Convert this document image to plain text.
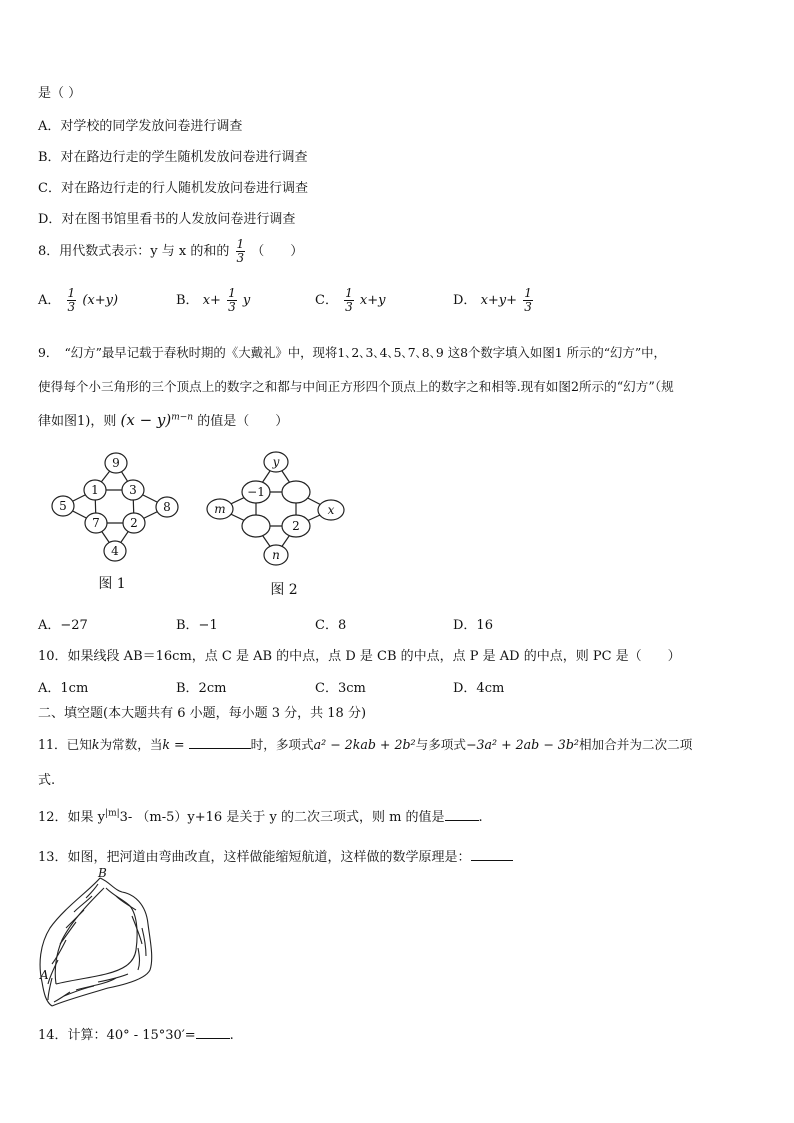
是（ ）
A．对学校的同学发放问卷进行调查
B．对在路边行走的学生随机发放问卷进行调查
C．对在路边行走的行人随机发放问卷进行调查
D．对在图书馆里看书的人发放问卷进行调查
8．用代数式表示：y 与 x 的和的 $\frac{1}{3}$ （　　）
A． $\frac{1}{3} (x+y)$	B． $x+ \frac{1}{3}$ y	C． $\frac{1}{3} x+y$	D． $x+y+ \frac{1}{3}$
9．　“幻方”最早记载于春秋时期的《大戴礼》中，现将1､2､3､4､5､7､8､9 这8个数字填入如图1 所示的“幻方”中，
使得每个小三角形的三个顶点上的数字之和都与中间正方形四个顶点上的数字之和相等.现有如图2所示的“幻方”（规
律如图1)，则 $(x - y)^{m-n}$ 的值是（　　）
9
1	3
5	8
7	2
4
图 1
y
−1
m	x
2
n
图 2
A．−27	B．−1	C．8	D．16
10．如果线段 AB＝16cm，点 C 是 AB 的中点，点 D 是 CB 的中点，点 P 是 AD 的中点，则 PC 是（　　）
A．1cm	B．2cm	C．3cm	D．4cm
二、填空题(本大题共有 6 小题，每小题 3 分，共 18 分)
11．已知k为常数，当k =	时，多项式a² − 2kab + 2b²与多项式−3a² + 2ab − 3b²相加合并为二次二项
式.
12．如果 $y^{|m|}3-$ （m-5）y+16 是关于 y 的二次三项式，则 m 的值是	.
13．如图，把河道由弯曲改直，这样做能缩短航道，这样做的数学原理是：
B
A
14．计算：40° - 15°30′=	.
